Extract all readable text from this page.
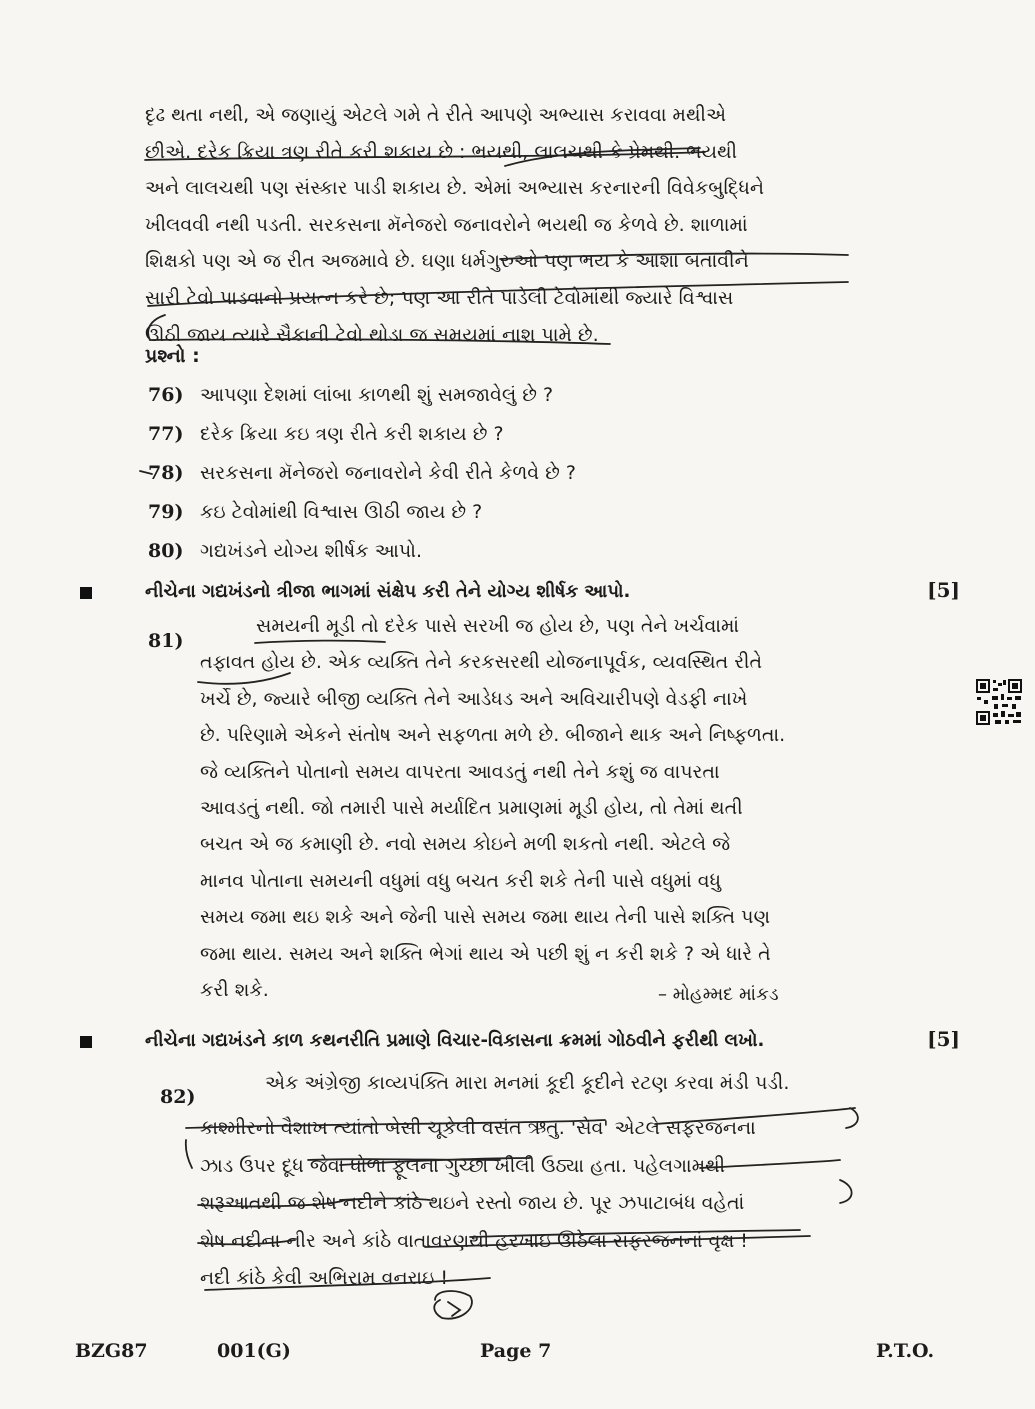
દૃઢ થતા નથી, એ જણાયું એટલે ગમે તે રીતે આપણે અભ્યાસ કરાવવા મથીએ

છીએ. દરેક ક્રિયા ત્રણ રીતે કરી શકાય છે : ભયથી, લાલચથી કે પ્રેમથી. ભયથી

અને લાલચથી પણ સંસ્કાર પાડી શકાય છે. એમાં અભ્યાસ કરનારની વિવેકબુદ્ધિને

ખીલવવી નથી પડતી. સરકસના મૅનેજરો જનાવરોને ભયથી જ કેળવે છે. શાળામાં

શિક્ષકો પણ એ જ રીત અજમાવે છે. ઘણા ધર્મગુરુઓ પણ ભય કે આશા બતાવીને

સારી ટેવો પાડવાનો પ્રયત્ન કરે છે; પણ આ રીતે પાડેલી ટેવોમાંથી જ્યારે વિશ્વાસ

ઊઠી જાય ત્યારે સૈકાની ટેવો થોડા જ સમયમાં નાશ પામે છે.

પ્રશ્નો :
76) આપણા દેશમાં લાંબા કાળથી શું સમજાવેલું છે ?
77) દરેક ક્રિયા કઇ ત્રણ રીતે કરી શકાય છે ?
78) સરકસના મૅનેજરો જનાવરોને કેવી રીતે કેળવે છે ?
79) કઇ ટેવોમાંથી વિશ્વાસ ઊઠી જાય છે ?
80) ગદ્યખંડને યોગ્ય શીર્ષક આપો.
નીચેના ગદ્યખંડનો ત્રીજા ભાગમાં સંક્ષેપ કરી તેને યોગ્ય શીર્ષક આપો.	[5]
81)

સમયની મૂડી તો દરેક પાસે સરખી જ હોય છે, પણ તેને ખર્ચવામાં

તફાવત હોય છે. એક વ્યક્તિ તેને કરકસરથી યોજનાપૂર્વક, વ્યવસ્થિત રીતે

ખર્ચે છે, જ્યારે બીજી વ્યક્તિ તેને આડેધડ અને અવિચારીપણે વેડફી નાખે

છે. પરિણામે એકને સંતોષ અને સફળતા મળે છે. બીજાને થાક અને નિષ્ફળતા.

જે વ્યક્તિને પોતાનો સમય વાપરતા આવડતું નથી તેને કશું જ વાપરતા

આવડતું નથી. જો તમારી પાસે મર્યાદિત પ્રમાણમાં મૂડી હોય, તો તેમાં થતી

બચત એ જ કમાણી છે. નવો સમય કોઇને મળી શકતો નથી. એટલે જે

માનવ પોતાના સમયની વધુમાં વધુ બચત કરી શકે તેની પાસે વધુમાં વધુ

સમય જમા થઇ શકે અને જેની પાસે સમય જમા થાય તેની પાસે શક્તિ પણ

જમા થાય. સમય અને શક્તિ ભેગાં થાય એ પછી શું ન કરી શકે ? એ ધારે તે

કરી શકે.	– મોહમ્મદ માંકડ
નીચેના ગદ્યખંડને કાળ કથનરીતિ પ્રમાણે વિચાર-વિકાસના ક્રમમાં ગોઠવીને ફરીથી લખો.	[5]
82)
એક અંગ્રેજી કાવ્યપંક્તિ મારા મનમાં કૂદી કૂદીને રટણ કરવા મંડી પડી.

કાશ્મીરનો વૈશાખ ત્યાંતો બેસી ચૂકેલી વસંત ઋતુ. 'સેવ' એટલે સફરજનના

ઝાડ ઉપર દૂધ જેવા ધોળા ફૂલના ગુચ્છા ખીલી ઉઠ્યા હતા. પહેલગામથી

શરૂઆતથી જ શેષ નદીને કાંઠે થઇને રસ્તો જાય છે. પૂર ઝપાટાબંધ વહેતાં

શેષ નદીના નીર અને કાંઠે વાતાવરણથી હરખાઇ ઊઠેલા સફરજનનાં વૃક્ષ !

નદી કાંઠે કેવી અભિરામ વનરાઇ !

BZG87	001(G)	Page 7	P.T.O.
